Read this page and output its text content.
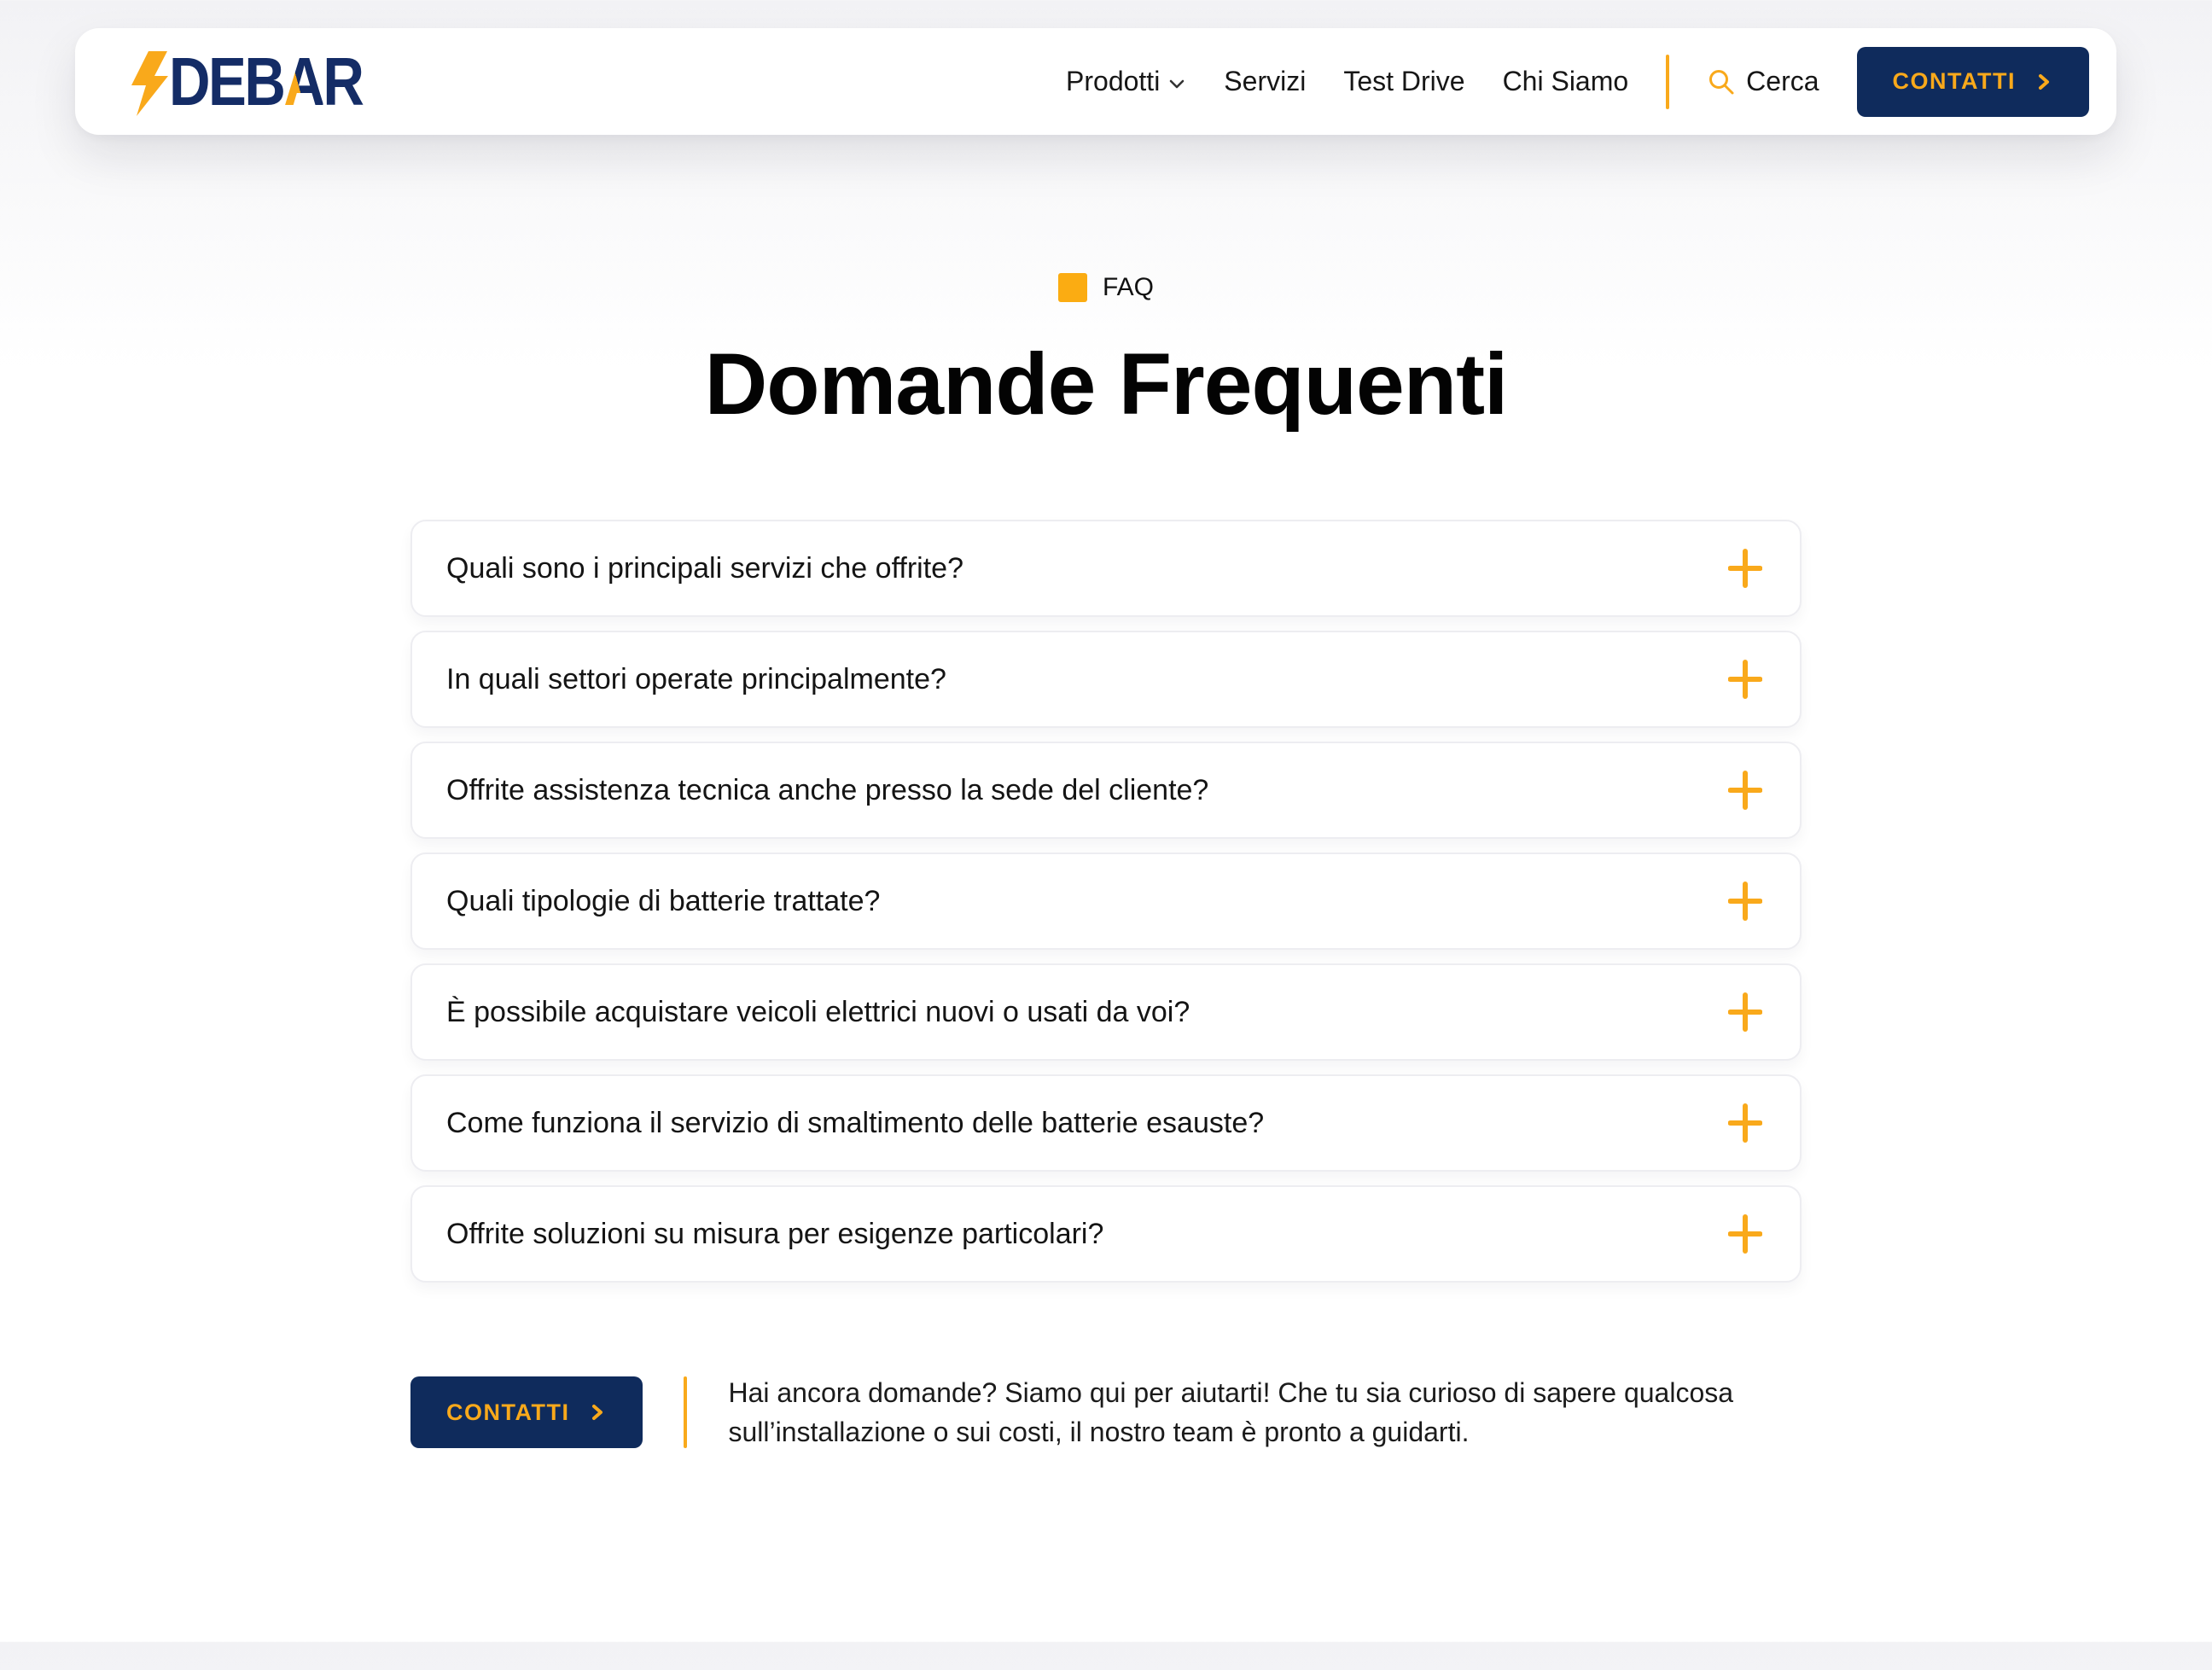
D E B A R	Prodotti Servizi Test Drive Chi Siamo	Cerca	CONTATTI
FAQ
Domande Frequenti
Quali sono i principali servizi che offrite?
In quali settori operate principalmente?
Offrite assistenza tecnica anche presso la sede del cliente?
Quali tipologie di batterie trattate?
È possibile acquistare veicoli elettrici nuovi o usati da voi?
Come funziona il servizio di smaltimento delle batterie esauste?
Offrite soluzioni su misura per esigenze particolari?
CONTATTI

Hai ancora domande? Siamo qui per aiutarti! Che tu sia curioso di sapere qualcosa sull’installazione o sui costi, il nostro team è pronto a guidarti.
